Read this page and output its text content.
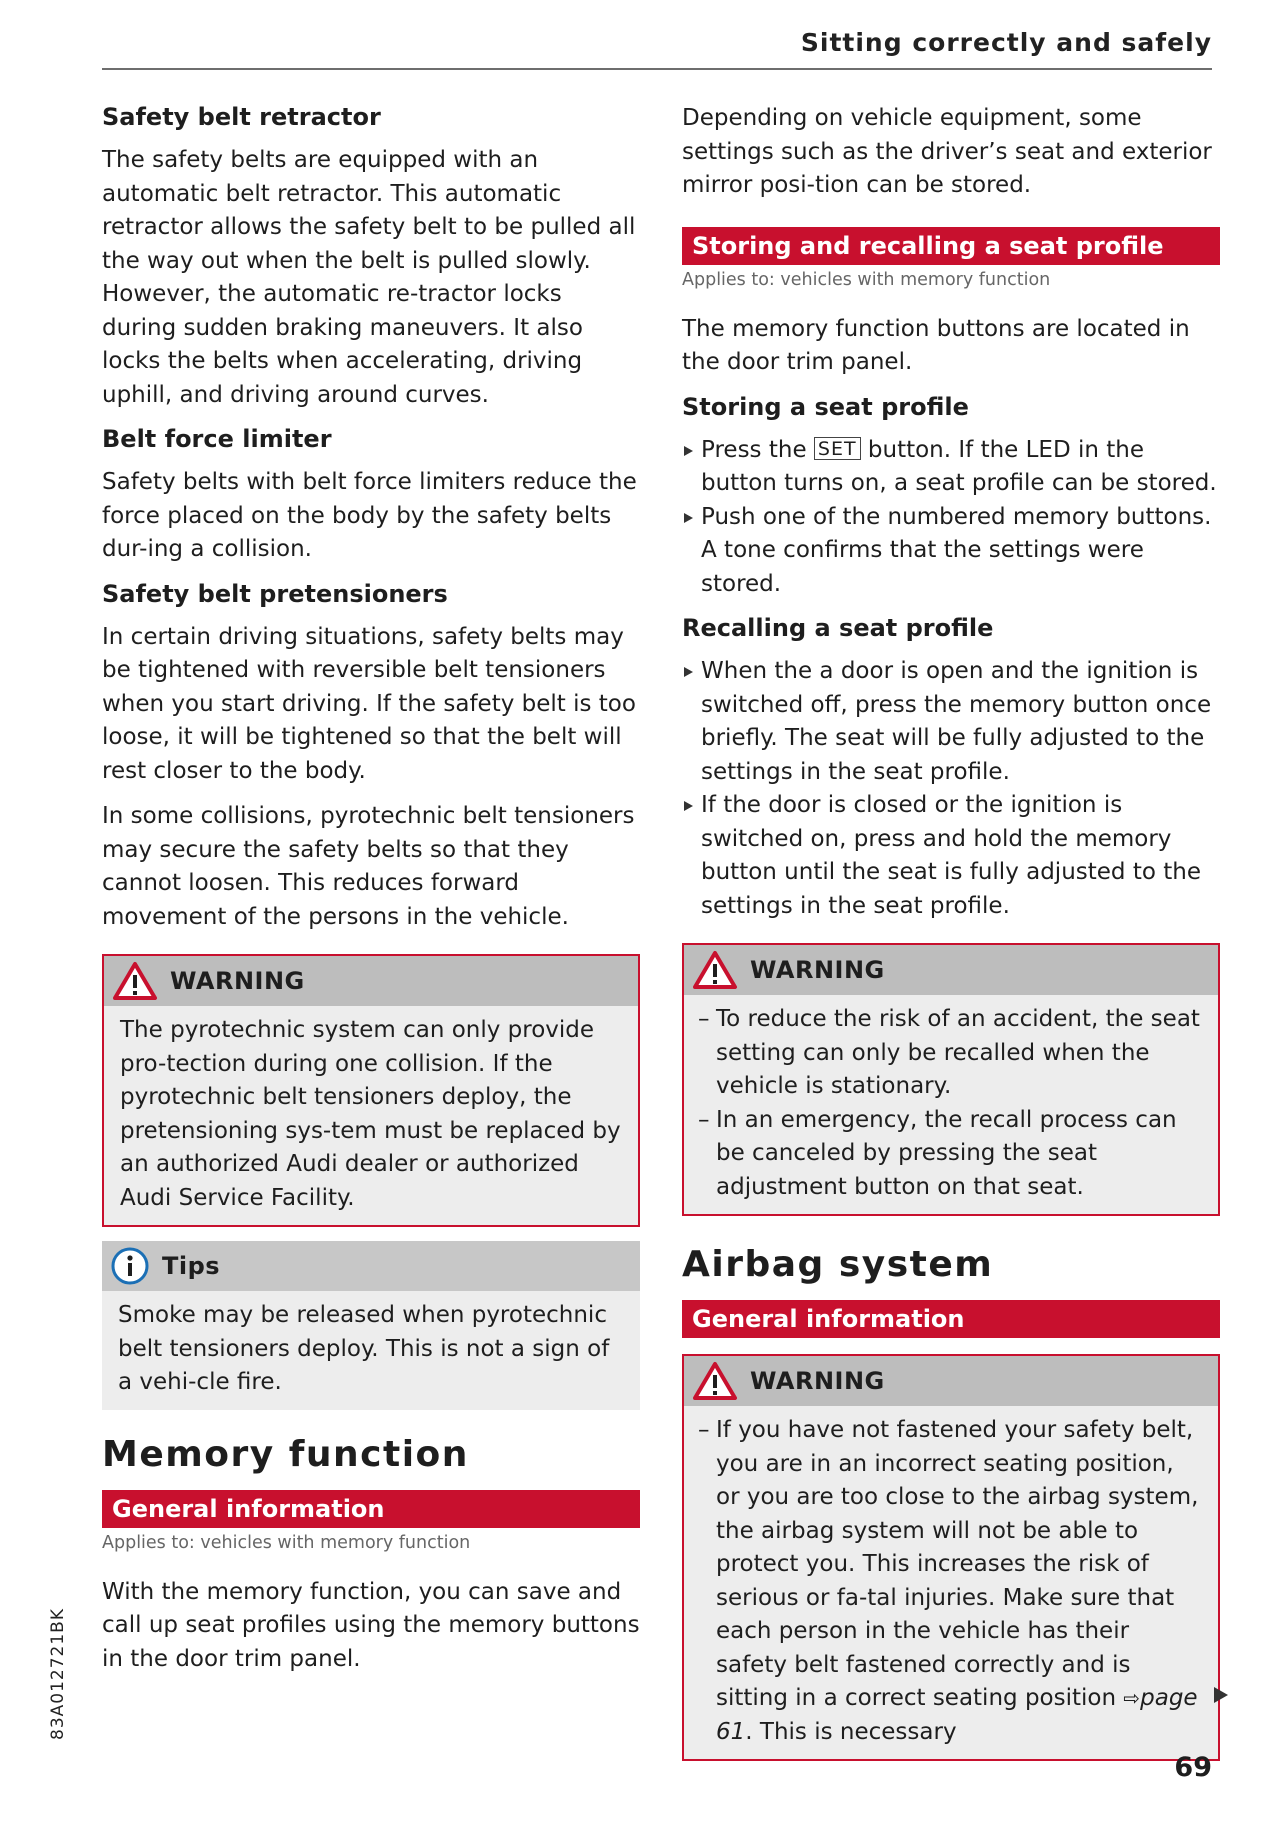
Sitting correctly and safely
Safety belt retractor

The safety belts are equipped with an automatic belt retractor. This automatic retractor allows the safety belt to be pulled all the way out when the belt is pulled slowly. However, the automatic re-tractor locks during sudden braking maneuvers. It also locks the belts when accelerating, driving uphill, and driving around curves.

Belt force limiter

Safety belts with belt force limiters reduce the force placed on the body by the safety belts dur-ing a collision.

Safety belt pretensioners

In certain driving situations, safety belts may be tightened with reversible belt tensioners when you start driving. If the safety belt is too loose, it will be tightened so that the belt will rest closer to the body.

In some collisions, pyrotechnic belt tensioners may secure the safety belts so that they cannot loosen. This reduces forward movement of the persons in the vehicle.

WARNING
The pyrotechnic system can only provide pro-tection during one collision. If the pyrotechnic belt tensioners deploy, the pretensioning sys-tem must be replaced by an authorized Audi dealer or authorized Audi Service Facility.
Tips
Smoke may be released when pyrotechnic belt tensioners deploy. This is not a sign of a vehi-cle fire.
Memory function
General information
Applies to: vehicles with memory function

With the memory function, you can save and call up seat profiles using the memory buttons in the door trim panel.

Depending on vehicle equipment, some settings such as the driver’s seat and exterior mirror posi-tion can be stored.

Storing and recalling a seat profile
Applies to: vehicles with memory function

The memory function buttons are located in the door trim panel.

Storing a seat profile
Press the SET button. If the LED in the button turns on, a seat profile can be stored.
Push one of the numbered memory buttons. A tone confirms that the settings were stored.
Recalling a seat profile
When the a door is open and the ignition is switched off, press the memory button once briefly. The seat will be fully adjusted to the settings in the seat profile.
If the door is closed or the ignition is switched on, press and hold the memory button until the seat is fully adjusted to the settings in the seat profile.
WARNING
– To reduce the risk of an accident, the seat setting can only be recalled when the vehicle is stationary.
– In an emergency, the recall process can be canceled by pressing the seat adjustment button on that seat.
Airbag system
General information
WARNING
– If you have not fastened your safety belt, you are in an incorrect seating position, or you are too close to the airbag system, the airbag system will not be able to protect you. This increases the risk of serious or fa-tal injuries. Make sure that each person in the vehicle has their safety belt fastened correctly and is sitting in a correct seating position ⇨page 61. This is necessary
83A012721BK
69
